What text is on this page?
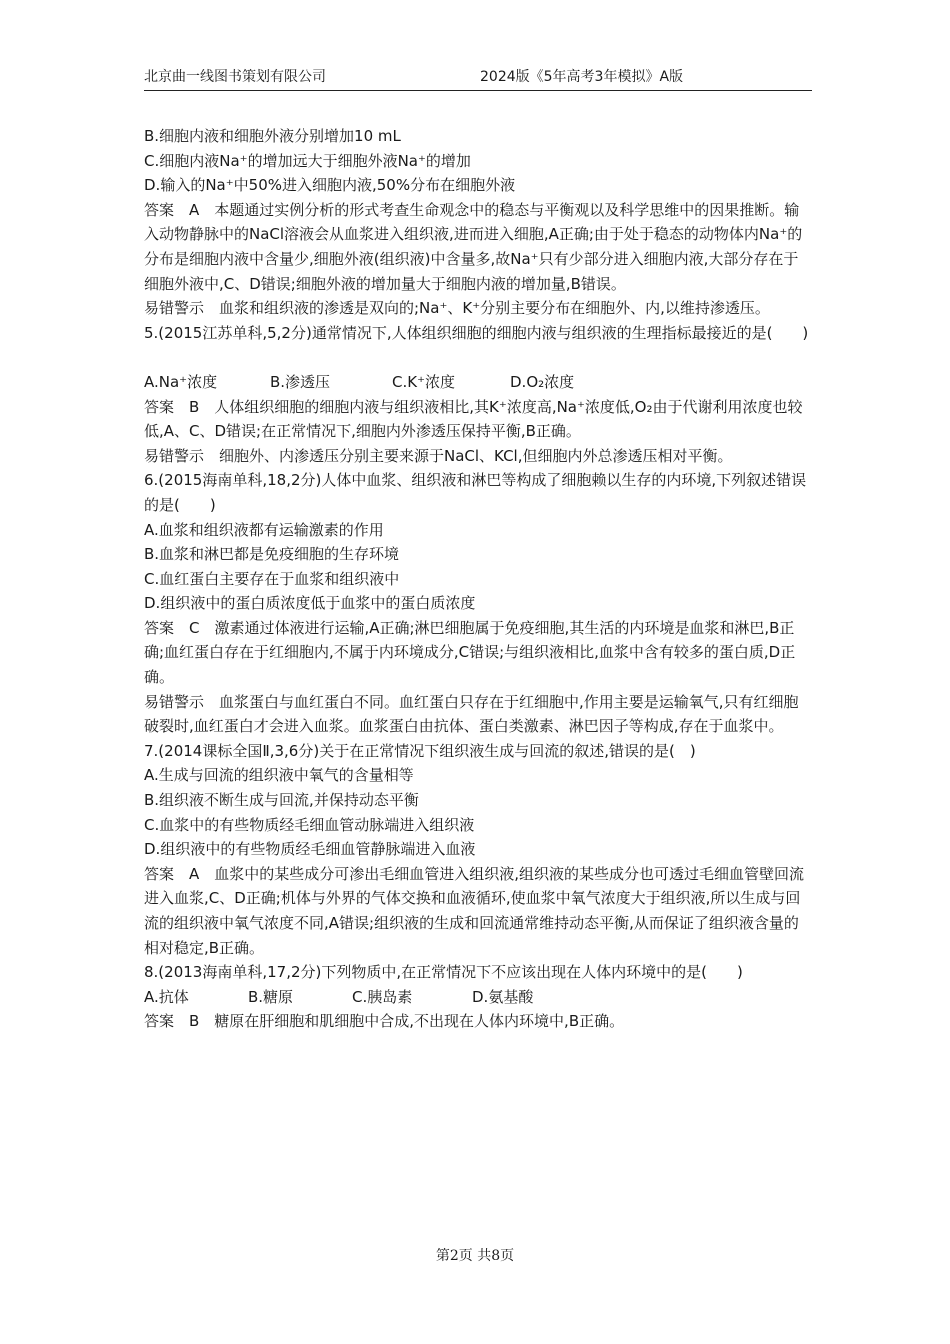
北京曲一线图书策划有限公司	2024版《5年高考3年模拟》A版

B.细胞内液和细胞外液分别增加10 mL

C.细胞内液Na⁺的增加远大于细胞外液Na⁺的增加

D.输入的Na⁺中50%进入细胞内液,50%分布在细胞外液

答案　A　本题通过实例分析的形式考查生命观念中的稳态与平衡观以及科学思维中的因果推断。输入动物静脉中的NaCl溶液会从血浆进入组织液,进而进入细胞,A正确;由于处于稳态的动物体内Na⁺的分布是细胞内液中含量少,细胞外液(组织液)中含量多,故Na⁺只有少部分进入细胞内液,大部分存在于细胞外液中,C、D错误;细胞外液的增加量大于细胞内液的增加量,B错误。

易错警示　血浆和组织液的渗透是双向的;Na⁺、K⁺分别主要分布在细胞外、内,以维持渗透压。

5.(2015江苏单科,5,2分)通常情况下,人体组织细胞的细胞内液与组织液的生理指标最接近的是(　　)

A.Na⁺浓度	B.渗透压	C.K⁺浓度	D.O₂浓度

答案　B　人体组织细胞的细胞内液与组织液相比,其K⁺浓度高,Na⁺浓度低,O₂由于代谢利用浓度也较低,A、C、D错误;在正常情况下,细胞内外渗透压保持平衡,B正确。

易错警示　细胞外、内渗透压分别主要来源于NaCl、KCl,但细胞内外总渗透压相对平衡。

6.(2015海南单科,18,2分)人体中血浆、组织液和淋巴等构成了细胞赖以生存的内环境,下列叙述错误的是(　　)

A.血浆和组织液都有运输激素的作用

B.血浆和淋巴都是免疫细胞的生存环境

C.血红蛋白主要存在于血浆和组织液中

D.组织液中的蛋白质浓度低于血浆中的蛋白质浓度

答案　C　激素通过体液进行运输,A正确;淋巴细胞属于免疫细胞,其生活的内环境是血浆和淋巴,B正确;血红蛋白存在于红细胞内,不属于内环境成分,C错误;与组织液相比,血浆中含有较多的蛋白质,D正确。

易错警示　血浆蛋白与血红蛋白不同。血红蛋白只存在于红细胞中,作用主要是运输氧气,只有红细胞破裂时,血红蛋白才会进入血浆。血浆蛋白由抗体、蛋白类激素、淋巴因子等构成,存在于血浆中。

7.(2014课标全国Ⅱ,3,6分)关于在正常情况下组织液生成与回流的叙述,错误的是(　)

A.生成与回流的组织液中氧气的含量相等

B.组织液不断生成与回流,并保持动态平衡

C.血浆中的有些物质经毛细血管动脉端进入组织液

D.组织液中的有些物质经毛细血管静脉端进入血液

答案　A　血浆中的某些成分可渗出毛细血管进入组织液,组织液的某些成分也可透过毛细血管壁回流进入血浆,C、D正确;机体与外界的气体交换和血液循环,使血浆中氧气浓度大于组织液,所以生成与回流的组织液中氧气浓度不同,A错误;组织液的生成和回流通常维持动态平衡,从而保证了组织液含量的相对稳定,B正确。

8.(2013海南单科,17,2分)下列物质中,在正常情况下不应该出现在人体内环境中的是(　　)

A.抗体	B.糖原	C.胰岛素	D.氨基酸

答案　B　糖原在肝细胞和肌细胞中合成,不出现在人体内环境中,B正确。

第2页 共8页
